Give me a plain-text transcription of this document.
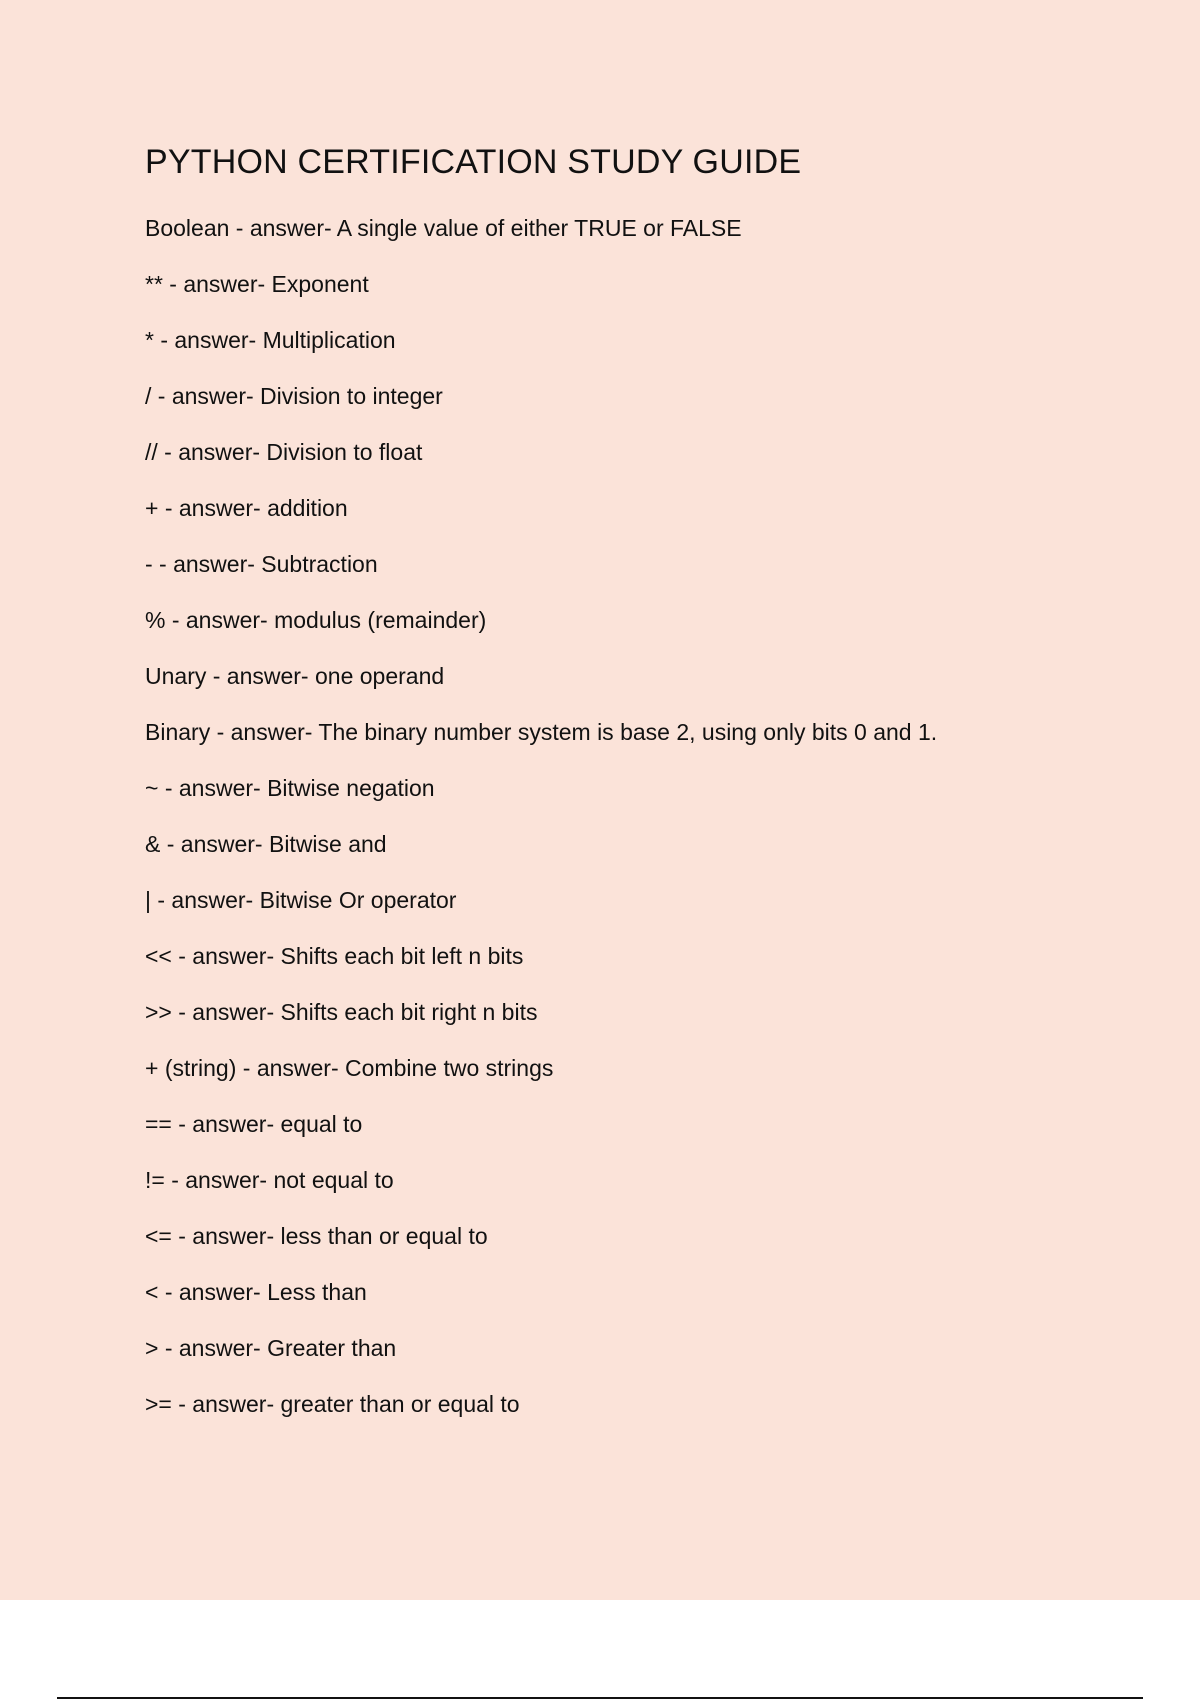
PYTHON CERTIFICATION STUDY GUIDE
Boolean - answer- A single value of either TRUE or FALSE
** - answer- Exponent
* - answer- Multiplication
/ - answer- Division to integer
// - answer- Division to float
+ - answer- addition
- - answer- Subtraction
% - answer- modulus (remainder)
Unary - answer- one operand
Binary - answer- The binary number system is base 2, using only bits 0 and 1.
~ - answer- Bitwise negation
& - answer- Bitwise and
| - answer- Bitwise Or operator
<< - answer- Shifts each bit left n bits
>> - answer- Shifts each bit right n bits
+ (string) - answer- Combine two strings
== - answer- equal to
!= - answer- not equal to
<= - answer- less than or equal to
< - answer- Less than
> - answer- Greater than
>= - answer- greater than or equal to
